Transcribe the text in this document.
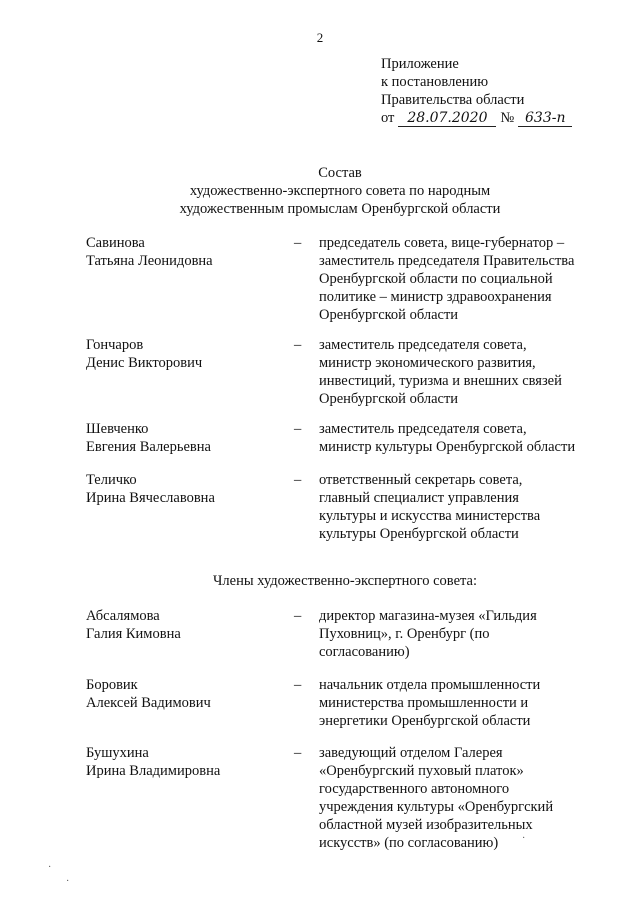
2
Приложение
к постановлению
Правительства области
от 28.07.2020 № 633-п
Состав
художественно-экспертного совета по народным
художественным промыслам Оренбургской области
Савинова
Татьяна Леонидовна
– председатель совета, вице-губернатор –
заместитель председателя Правительства
Оренбургской области по социальной
политике – министр здравоохранения
Оренбургской области
Гончаров
Денис Викторович
– заместитель председателя совета,
министр экономического развития,
инвестиций, туризма и внешних связей
Оренбургской области
Шевченко
Евгения Валерьевна
– заместитель председателя совета,
министр культуры Оренбургской области
Теличко
Ирина Вячеславовна
– ответственный секретарь совета,
главный специалист управления
культуры и искусства министерства
культуры Оренбургской области
Члены художественно-экспертного совета:
Абсалямова
Галия Кимовна
– директор магазина-музея «Гильдия
Пуховниц», г. Оренбург (по
согласованию)
Боровик
Алексей Вадимович
– начальник отдела промышленности
министерства промышленности и
энергетики Оренбургской области
Бушухина
Ирина Владимировна
– заведующий отделом Галерея
«Оренбургский пуховый платок»
государственного автономного
учреждения культуры «Оренбургский
областной музей изобразительных
искусств» (по согласованию)
·
·
·
